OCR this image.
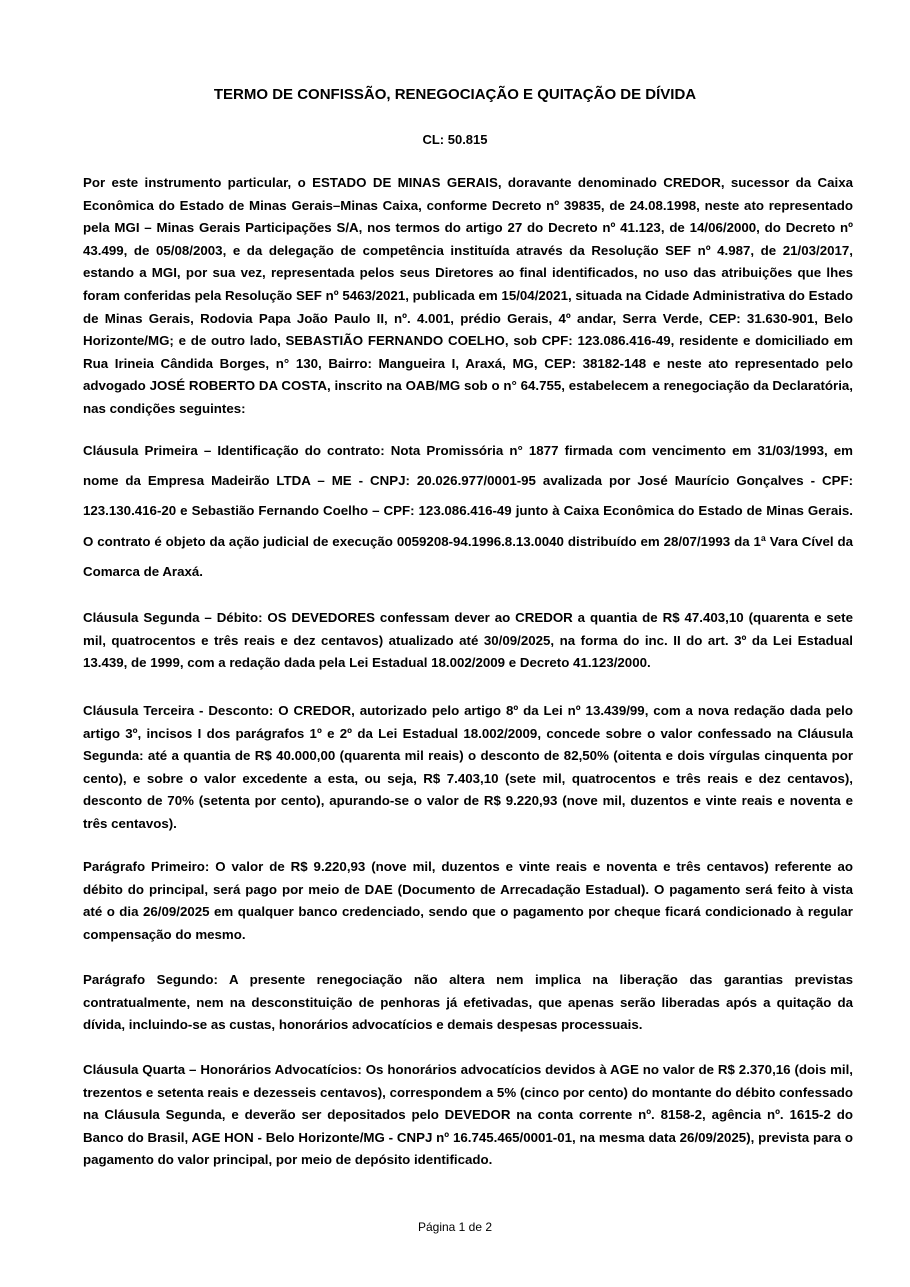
TERMO DE CONFISSÃO, RENEGOCIAÇÃO E QUITAÇÃO DE DÍVIDA
CL: 50.815

Por este instrumento particular, o ESTADO DE MINAS GERAIS, doravante denominado CREDOR, sucessor da Caixa Econômica do Estado de Minas Gerais–Minas Caixa, conforme Decreto nº 39835, de 24.08.1998, neste ato representado pela MGI – Minas Gerais Participações S/A, nos termos do artigo 27 do Decreto nº 41.123, de 14/06/2000, do Decreto nº 43.499, de 05/08/2003, e da delegação de competência instituída através da Resolução SEF nº 4.987, de 21/03/2017, estando a MGI, por sua vez, representada pelos seus Diretores ao final identificados, no uso das atribuições que lhes foram conferidas pela Resolução SEF nº 5463/2021, publicada em 15/04/2021, situada na Cidade Administrativa do Estado de Minas Gerais, Rodovia Papa João Paulo II, nº. 4.001, prédio Gerais, 4º andar, Serra Verde, CEP: 31.630-901, Belo Horizonte/MG; e de outro lado, SEBASTIÃO FERNANDO COELHO, sob CPF: 123.086.416-49, residente e domiciliado em Rua Irineia Cândida Borges, n° 130, Bairro: Mangueira I, Araxá, MG, CEP: 38182-148 e neste ato representado pelo advogado JOSÉ ROBERTO DA COSTA, inscrito na OAB/MG sob o n° 64.755, estabelecem a renegociação da Declaratória, nas condições seguintes:

Cláusula Primeira – Identificação do contrato: Nota Promissória n° 1877 firmada com vencimento em 31/03/1993, em nome da Empresa Madeirão LTDA – ME - CNPJ: 20.026.977/0001-95 avalizada por José Maurício Gonçalves - CPF: 123.130.416-20 e Sebastião Fernando Coelho – CPF: 123.086.416-49 junto à Caixa Econômica do Estado de Minas Gerais. O contrato é objeto da ação judicial de execução 0059208-94.1996.8.13.0040 distribuído em 28/07/1993 da 1ª Vara Cível da Comarca de Araxá.

Cláusula Segunda – Débito: OS DEVEDORES confessam dever ao CREDOR a quantia de R$ 47.403,10 (quarenta e sete mil, quatrocentos e três reais e dez centavos) atualizado até 30/09/2025, na forma do inc. II do art. 3º da Lei Estadual 13.439, de 1999, com a redação dada pela Lei Estadual 18.002/2009 e Decreto 41.123/2000.

Cláusula Terceira - Desconto: O CREDOR, autorizado pelo artigo 8º da Lei nº 13.439/99, com a nova redação dada pelo artigo 3º, incisos I dos parágrafos 1º e 2º da Lei Estadual 18.002/2009, concede sobre o valor confessado na Cláusula Segunda: até a quantia de R$ 40.000,00 (quarenta mil reais) o desconto de 82,50% (oitenta e dois vírgulas cinquenta por cento), e sobre o valor excedente a esta, ou seja, R$ 7.403,10 (sete mil, quatrocentos e três reais e dez centavos), desconto de 70% (setenta por cento), apurando-se o valor de R$ 9.220,93 (nove mil, duzentos e vinte reais e noventa e três centavos).

Parágrafo Primeiro: O valor de R$ 9.220,93 (nove mil, duzentos e vinte reais e noventa e três centavos) referente ao débito do principal, será pago por meio de DAE (Documento de Arrecadação Estadual). O pagamento será feito à vista até o dia 26/09/2025 em qualquer banco credenciado, sendo que o pagamento por cheque ficará condicionado à regular compensação do mesmo.

Parágrafo Segundo: A presente renegociação não altera nem implica na liberação das garantias previstas contratualmente, nem na desconstituição de penhoras já efetivadas, que apenas serão liberadas após a quitação da dívida, incluindo-se as custas, honorários advocatícios e demais despesas processuais.

Cláusula Quarta – Honorários Advocatícios: Os honorários advocatícios devidos à AGE no valor de R$ 2.370,16 (dois mil, trezentos e setenta reais e dezesseis centavos), correspondem a 5% (cinco por cento) do montante do débito confessado na Cláusula Segunda, e deverão ser depositados pelo DEVEDOR na conta corrente nº. 8158-2, agência nº. 1615-2 do Banco do Brasil, AGE HON - Belo Horizonte/MG - CNPJ nº 16.745.465/0001-01, na mesma data 26/09/2025), prevista para o pagamento do valor principal, por meio de depósito identificado.

Página 1 de 2
